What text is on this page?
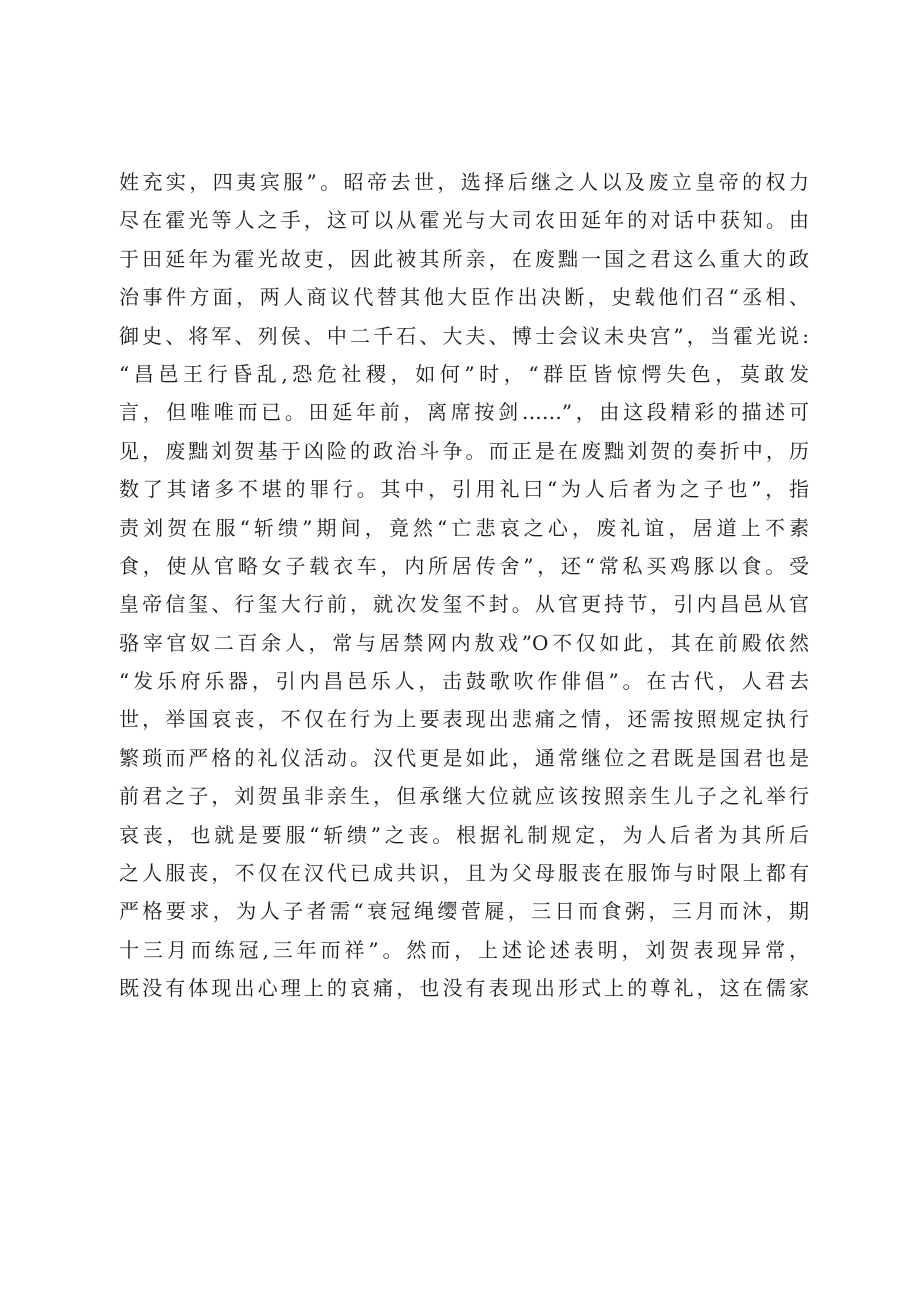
姓充实，四夷宾服”。昭帝去世，选择后继之人以及废立皇帝的权力
尽在霍光等人之手，这可以从霍光与大司农田延年的对话中获知。由
于田延年为霍光故吏，因此被其所亲，在废黜一国之君这么重大的政
治事件方面，两人商议代替其他大臣作出决断，史载他们召“丞相、
御史、将军、列侯、中二千石、大夫、博士会议未央宫”，当霍光说:
“昌邑王行昏乱,恐危社稷，如何”时，“群臣皆惊愕失色，莫敢发
言，但唯唯而已。田延年前，离席按剑……”，由这段精彩的描述可
见，废黜刘贺基于凶险的政治斗争。而正是在废黜刘贺的奏折中，历
数了其诸多不堪的罪行。其中，引用礼曰“为人后者为之子也”，指
责刘贺在服“斩缋”期间，竟然“亡悲哀之心，废礼谊，居道上不素
食，使从官略女子载衣车，内所居传舍”，还“常私买鸡豚以食。受
皇帝信玺、行玺大行前，就次发玺不封。从官更持节，引内昌邑从官
骆宰官奴二百余人，常与居禁网内敖戏”O不仅如此，其在前殿依然
“发乐府乐器，引内昌邑乐人，击鼓歌吹作俳倡”。在古代，人君去
世，举国哀丧，不仅在行为上要表现出悲痛之情，还需按照规定执行
繁琐而严格的礼仪活动。汉代更是如此，通常继位之君既是国君也是
前君之子，刘贺虽非亲生，但承继大位就应该按照亲生儿子之礼举行
哀丧，也就是要服“斩缋”之丧。根据礼制规定，为人后者为其所后
之人服丧，不仅在汉代已成共识，且为父母服丧在服饰与时限上都有
严格要求，为人子者需“衰冠绳缨菅屣，三日而食粥，三月而沐，期
十三月而练冠,三年而祥”。然而，上述论述表明，刘贺表现异常，
既没有体现出心理上的哀痛，也没有表现出形式上的尊礼，这在儒家
